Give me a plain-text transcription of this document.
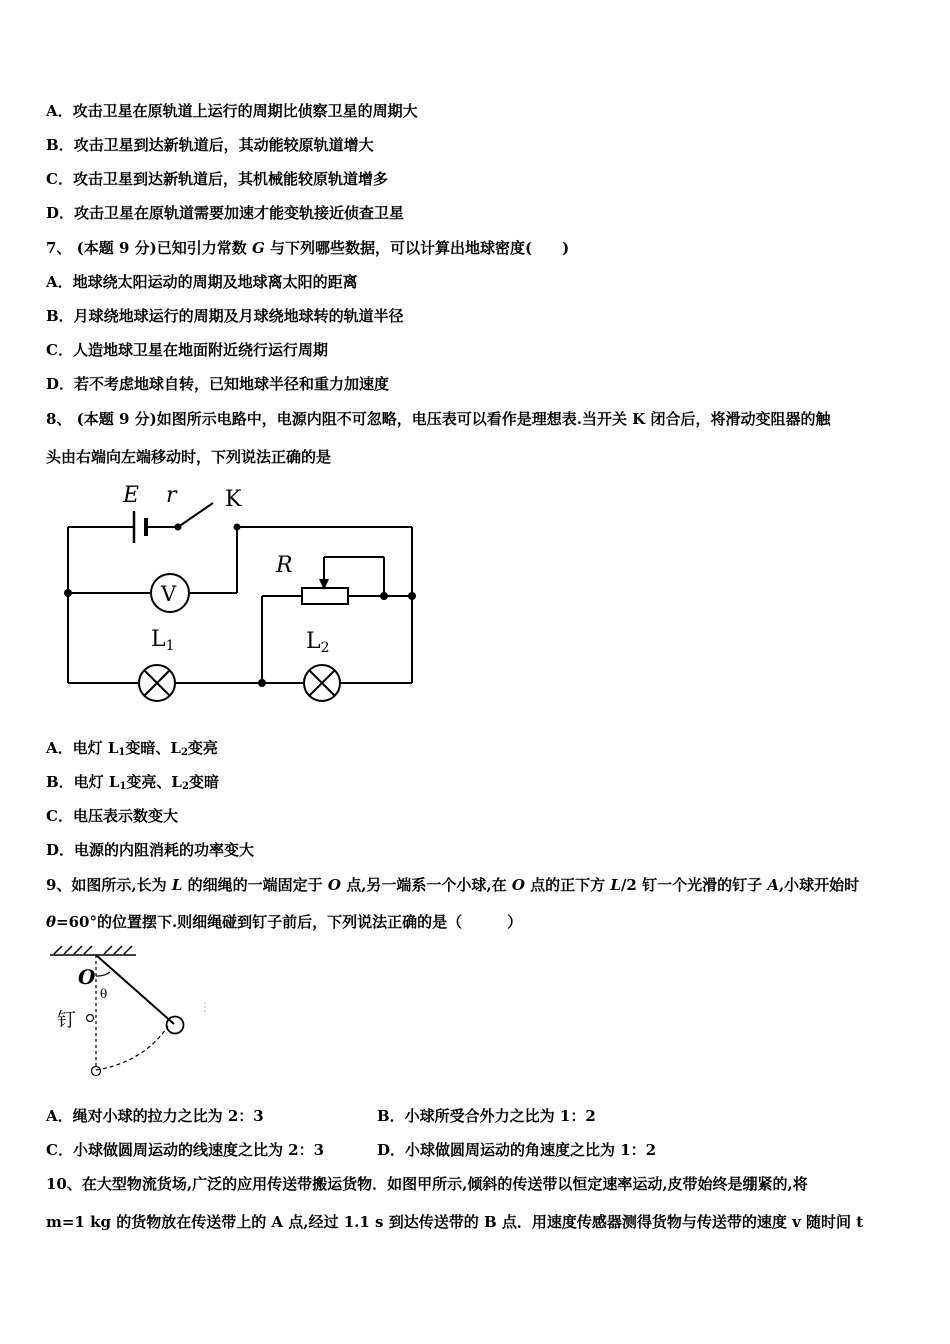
A．攻击卫星在原轨道上运行的周期比侦察卫星的周期大
B．攻击卫星到达新轨道后，其动能较原轨道增大
C．攻击卫星到达新轨道后，其机械能较原轨道增多
D．攻击卫星在原轨道需要加速才能变轨接近侦查卫星
7、 (本题 9 分)已知引力常数 G 与下列哪些数据，可以计算出地球密度(　　)
A．地球绕太阳运动的周期及地球离太阳的距离
B．月球绕地球运行的周期及月球绕地球转的轨道半径
C．人造地球卫星在地面附近绕行运行周期
D．若不考虑地球自转，已知地球半径和重力加速度
8、 (本题 9 分)如图所示电路中，电源内阻不可忽略，电压表可以看作是理想表.当开关 K 闭合后，将滑动变阻器的触
头由右端向左端移动时，下列说法正确的是
E r K
V
R
L1	L2
A．电灯 $L_1$变暗、$L_2$变亮
B．电灯 $L_1$变亮、$L_2$变暗
C．电压表示数变大
D．电源的内阻消耗的功率变大
9、如图所示,长为 L 的细绳的一端固定于 O 点,另一端系一个小球,在 O 点的正下方 L/2 钉一个光滑的钉子 A,小球开始时
θ=60°的位置摆下.则细绳碰到钉子前后，下列说法正确的是（　　　）
O
θ
钉
A．绳对小球的拉力之比为 2：3	B．小球所受合外力之比为 1：2
C．小球做圆周运动的线速度之比为 2：3	D．小球做圆周运动的角速度之比为 1：2
10、在大型物流货场,广泛的应用传送带搬运货物．如图甲所示,倾斜的传送带以恒定速率运动,皮带始终是绷紧的,将
m=1 kg 的货物放在传送带上的 A 点,经过 1.1 s 到达传送带的 B 点．用速度传感器测得货物与传送带的速度 v 随时间 t
